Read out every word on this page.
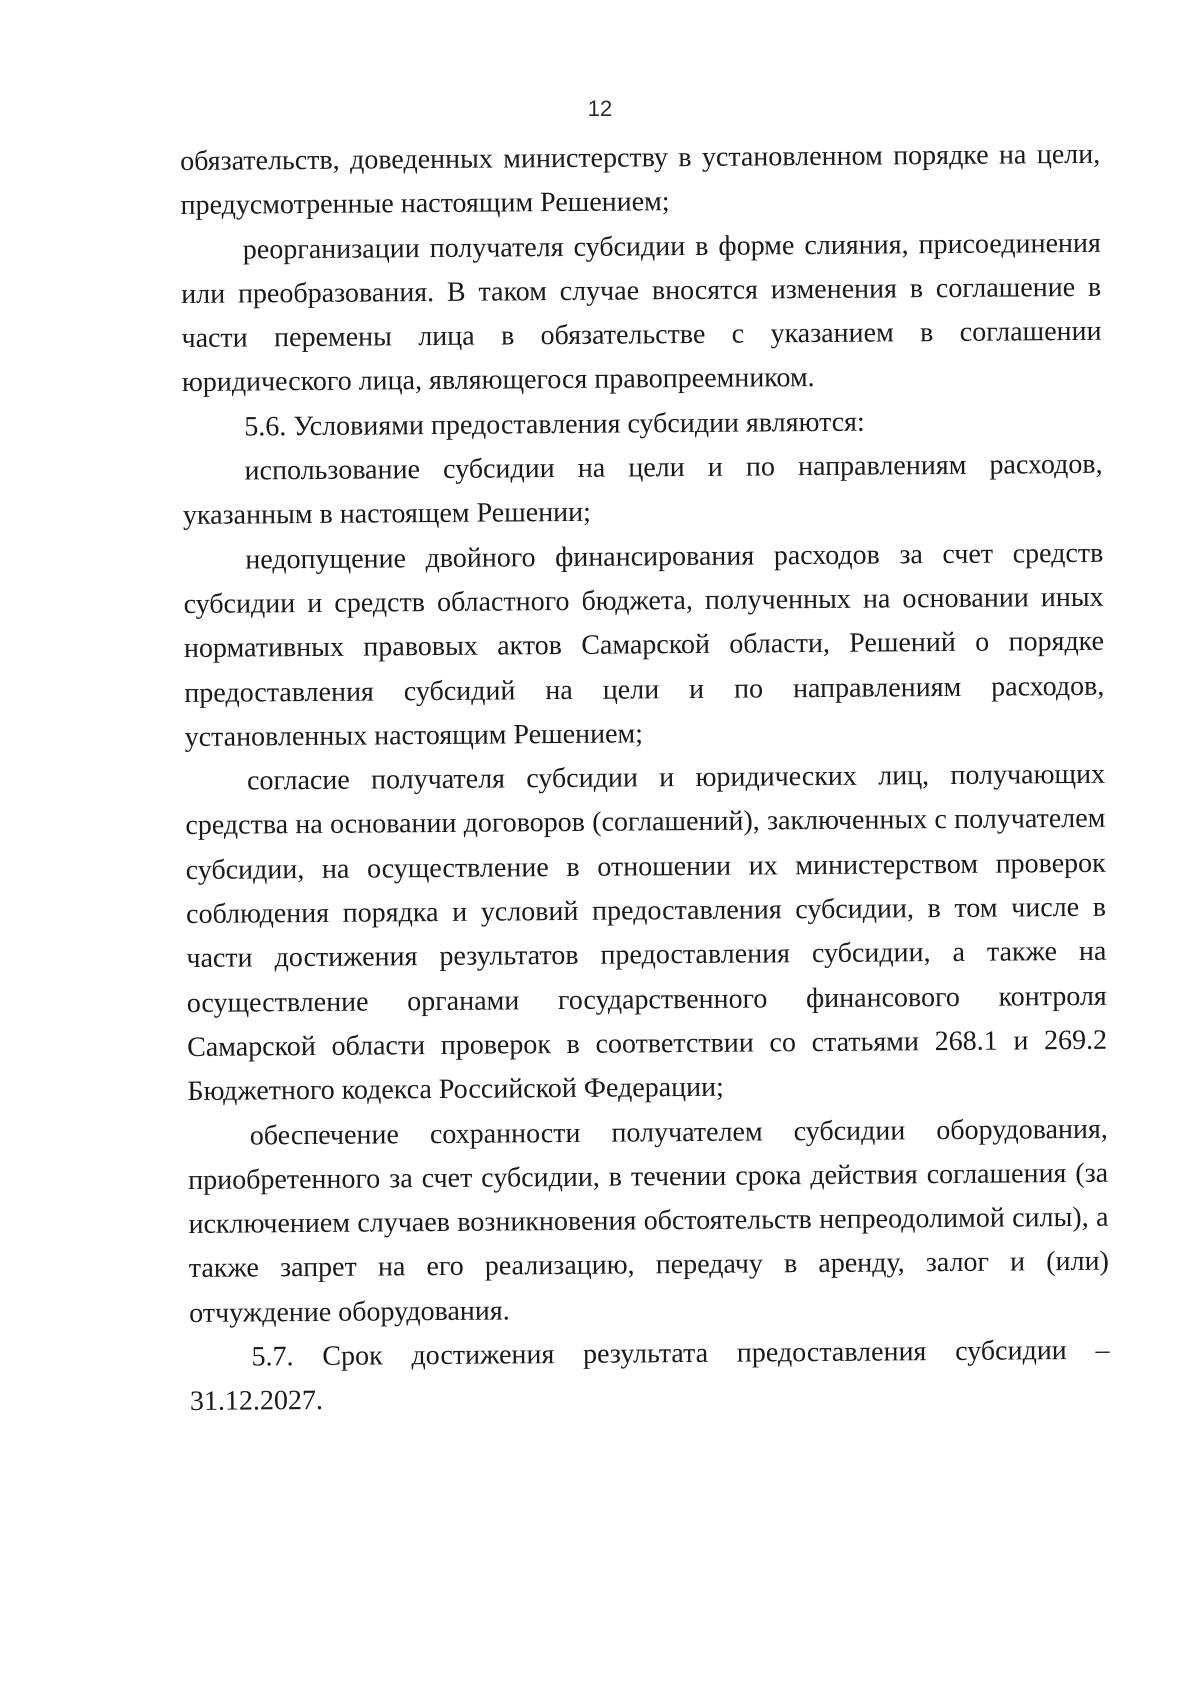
12

обязательств, доведенных министерству в установленном порядке на цели, предусмотренные настоящим Решением;

реорганизации получателя субсидии в форме слияния, присоединения или преобразования. В таком случае вносятся изменения в соглашение в части перемены лица в обязательстве с указанием в соглашении юридического лица, являющегося правопреемником.

5.6. Условиями предоставления субсидии являются:

использование субсидии на цели и по направлениям расходов, указанным в настоящем Решении;

недопущение двойного финансирования расходов за счет средств субсидии и средств областного бюджета, полученных на основании иных нормативных правовых актов Самарской области, Решений о порядке предоставления субсидий на цели и по направлениям расходов, установленных настоящим Решением;

согласие получателя субсидии и юридических лиц, получающих средства на основании договоров (соглашений), заключенных с получателем субсидии, на осуществление в отношении их министерством проверок соблюдения порядка и условий предоставления субсидии, в том числе в части достижения результатов предоставления субсидии, а также на осуществление органами государственного финансового контроля Самарской области проверок в соответствии со статьями 268.1 и 269.2 Бюджетного кодекса Российской Федерации;

обеспечение сохранности получателем субсидии оборудования, приобретенного за счет субсидии, в течении срока действия соглашения (за исключением случаев возникновения обстоятельств непреодолимой силы), а также запрет на его реализацию, передачу в аренду, залог и (или) отчуждение оборудования.

5.7. Срок достижения результата предоставления субсидии –

31.12.2027.
